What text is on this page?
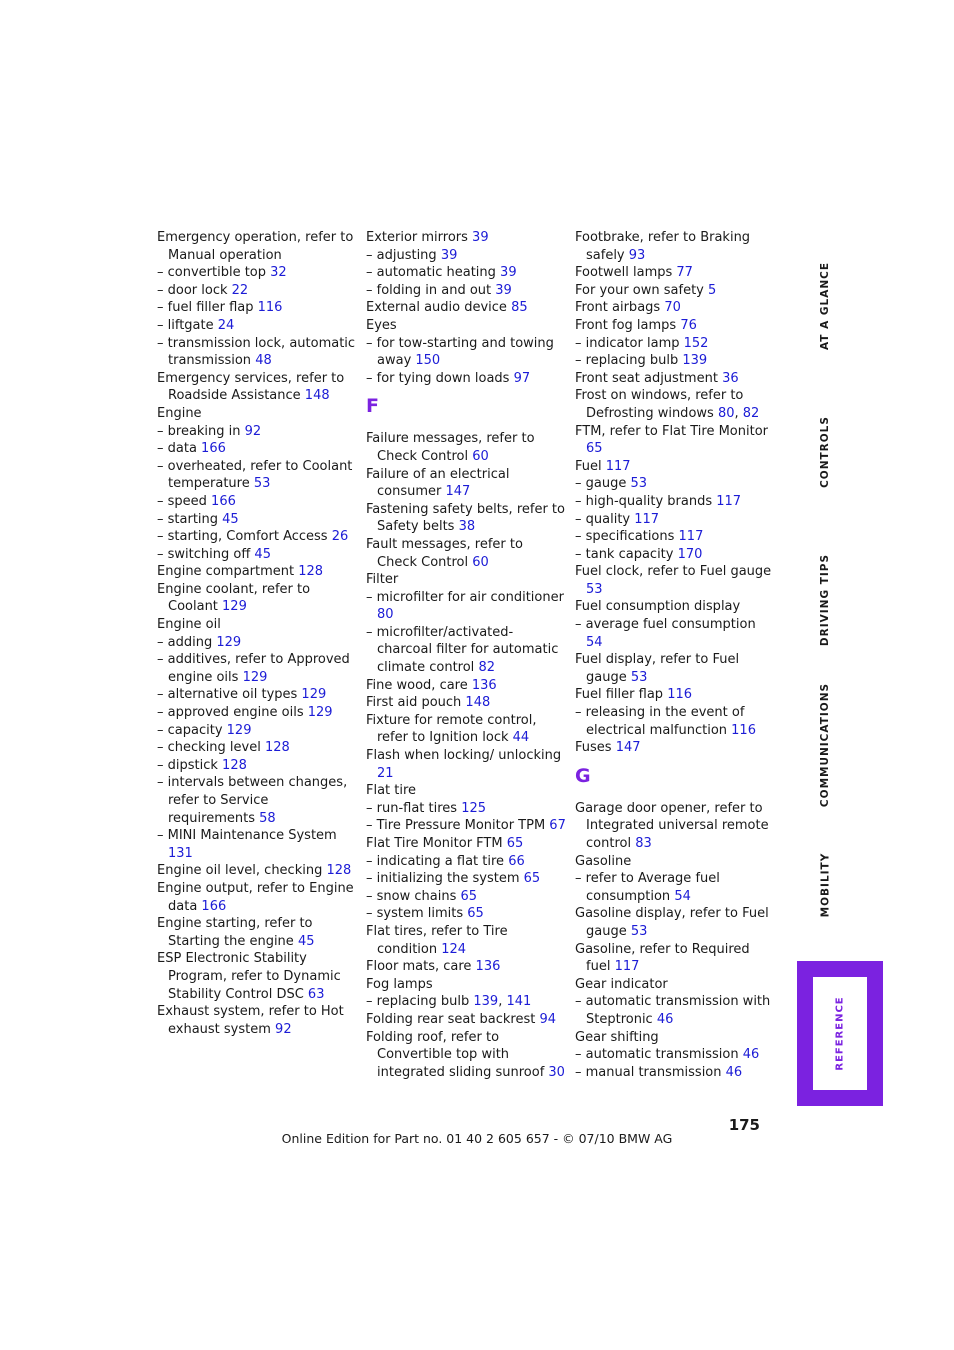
Emergency operation, refer to Manual operation
– convertible top 32
– door lock 22
– fuel filler flap 116
– liftgate 24
– transmission lock, automatic transmission 48
Emergency services, refer to Roadside Assistance 148
Engine
– breaking in 92
– data 166
– overheated, refer to Coolant temperature 53
– speed 166
– starting 45
– starting, Comfort Access 26
– switching off 45
Engine compartment 128
Engine coolant, refer to Coolant 129
Engine oil
– adding 129
– additives, refer to Approved engine oils 129
– alternative oil types 129
– approved engine oils 129
– capacity 129
– checking level 128
– dipstick 128
– intervals between changes, refer to Service requirements 58
– MINI Maintenance System 131
Engine oil level, checking 128
Engine output, refer to Engine data 166
Engine starting, refer to Starting the engine 45
ESP Electronic Stability Program, refer to Dynamic Stability Control DSC 63
Exhaust system, refer to Hot exhaust system 92
Exterior mirrors 39
– adjusting 39
– automatic heating 39
– folding in and out 39
External audio device 85
Eyes
– for tow-starting and towing away 150
– for tying down loads 97
F
Failure messages, refer to Check Control 60
Failure of an electrical consumer 147
Fastening safety belts, refer to Safety belts 38
Fault messages, refer to Check Control 60
Filter
– microfilter for air conditioner 80
– microfilter/activated-charcoal filter for automatic climate control 82
Fine wood, care 136
First aid pouch 148
Fixture for remote control, refer to Ignition lock 44
Flash when locking/ unlocking 21
Flat tire
– run-flat tires 125
– Tire Pressure Monitor TPM 67
Flat Tire Monitor FTM 65
– indicating a flat tire 66
– initializing the system 65
– snow chains 65
– system limits 65
Flat tires, refer to Tire condition 124
Floor mats, care 136
Fog lamps
– replacing bulb 139, 141
Folding rear seat backrest 94
Folding roof, refer to Convertible top with integrated sliding sunroof 30
Footbrake, refer to Braking safely 93
Footwell lamps 77
For your own safety 5
Front airbags 70
Front fog lamps 76
– indicator lamp 152
– replacing bulb 139
Front seat adjustment 36
Frost on windows, refer to Defrosting windows 80, 82
FTM, refer to Flat Tire Monitor 65
Fuel 117
– gauge 53
– high-quality brands 117
– quality 117
– specifications 117
– tank capacity 170
Fuel clock, refer to Fuel gauge 53
Fuel consumption display
– average fuel consumption 54
Fuel display, refer to Fuel gauge 53
Fuel filler flap 116
– releasing in the event of electrical malfunction 116
Fuses 147
G
Garage door opener, refer to Integrated universal remote control 83
Gasoline
– refer to Average fuel consumption 54
Gasoline display, refer to Fuel gauge 53
Gasoline, refer to Required fuel 117
Gear indicator
– automatic transmission with Steptronic 46
Gear shifting
– automatic transmission 46
– manual transmission 46
AT A GLANCE
CONTROLS
DRIVING TIPS
COMMUNICATIONS
MOBILITY
REFERENCE
175
Online Edition for Part no. 01 40 2 605 657 - © 07/10 BMW AG
